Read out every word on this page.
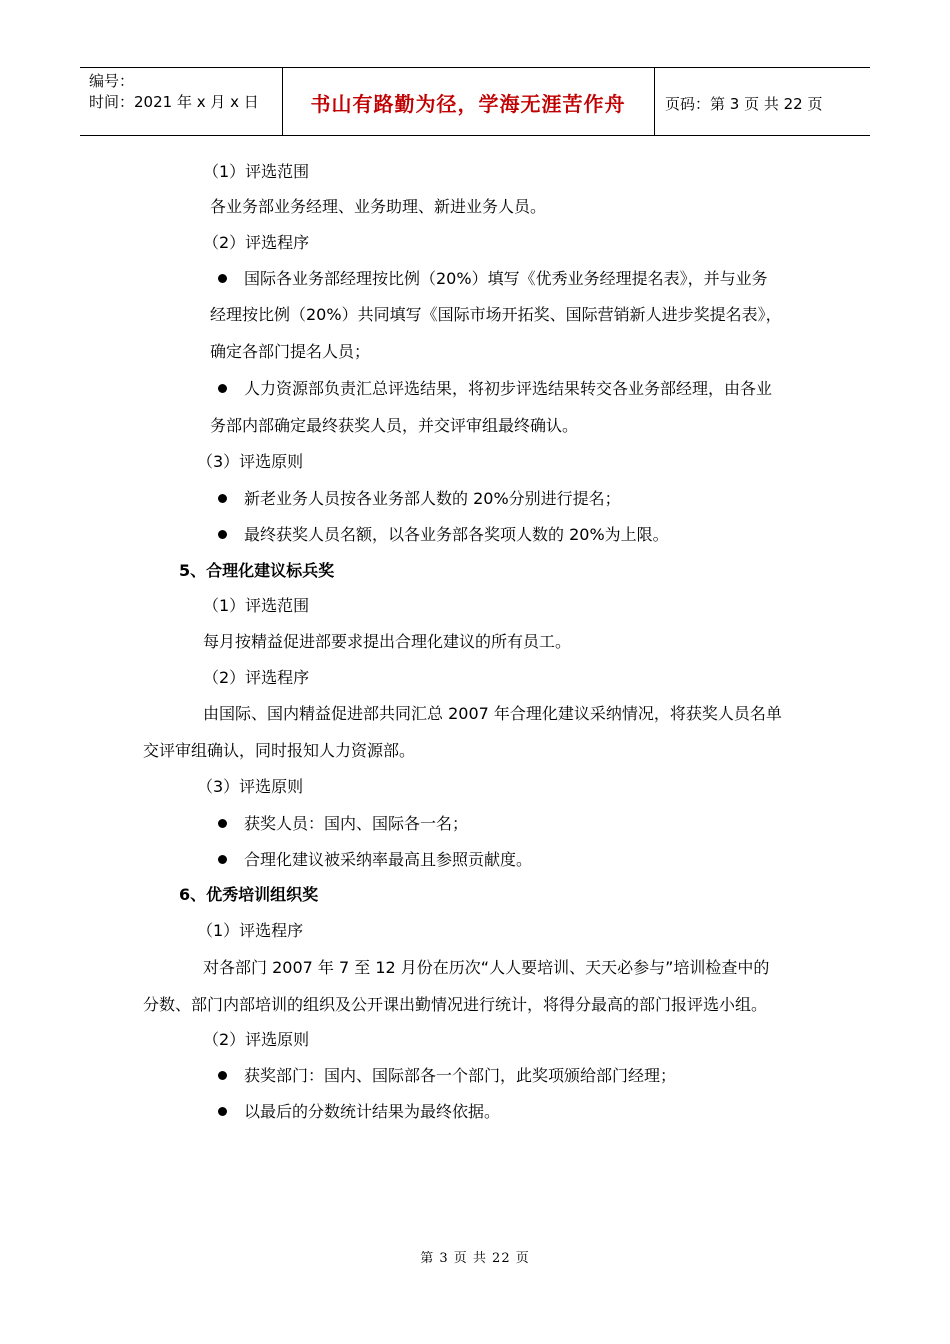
编号：
时间：2021 年 x 月 x 日	书山有路勤为径，学海无涯苦作舟	页码：第 3 页 共 22 页
（1）评选范围
各业务部业务经理、业务助理、新进业务人员。
（2）评选程序
国际各业务部经理按比例（20%）填写《优秀业务经理提名表》，并与业务
经理按比例（20%）共同填写《国际市场开拓奖、国际营销新人进步奖提名表》，
确定各部门提名人员；
人力资源部负责汇总评选结果，将初步评选结果转交各业务部经理，由各业
务部内部确定最终获奖人员，并交评审组最终确认。
（3）评选原则
新老业务人员按各业务部人数的 20%分别进行提名；
最终获奖人员名额，以各业务部各奖项人数的 20%为上限。
5、合理化建议标兵奖
（1）评选范围
每月按精益促进部要求提出合理化建议的所有员工。
（2）评选程序
由国际、国内精益促进部共同汇总 2007 年合理化建议采纳情况，将获奖人员名单
交评审组确认，同时报知人力资源部。
（3）评选原则
获奖人员：国内、国际各一名；
合理化建议被采纳率最高且参照贡献度。
6、优秀培训组织奖
（1）评选程序
对各部门 2007 年 7 至 12 月份在历次“人人要培训、天天必参与”培训检查中的
分数、部门内部培训的组织及公开课出勤情况进行统计，将得分最高的部门报评选小组。
（2）评选原则
获奖部门：国内、国际部各一个部门，此奖项颁给部门经理；
以最后的分数统计结果为最终依据。
第 3 页 共 22 页
